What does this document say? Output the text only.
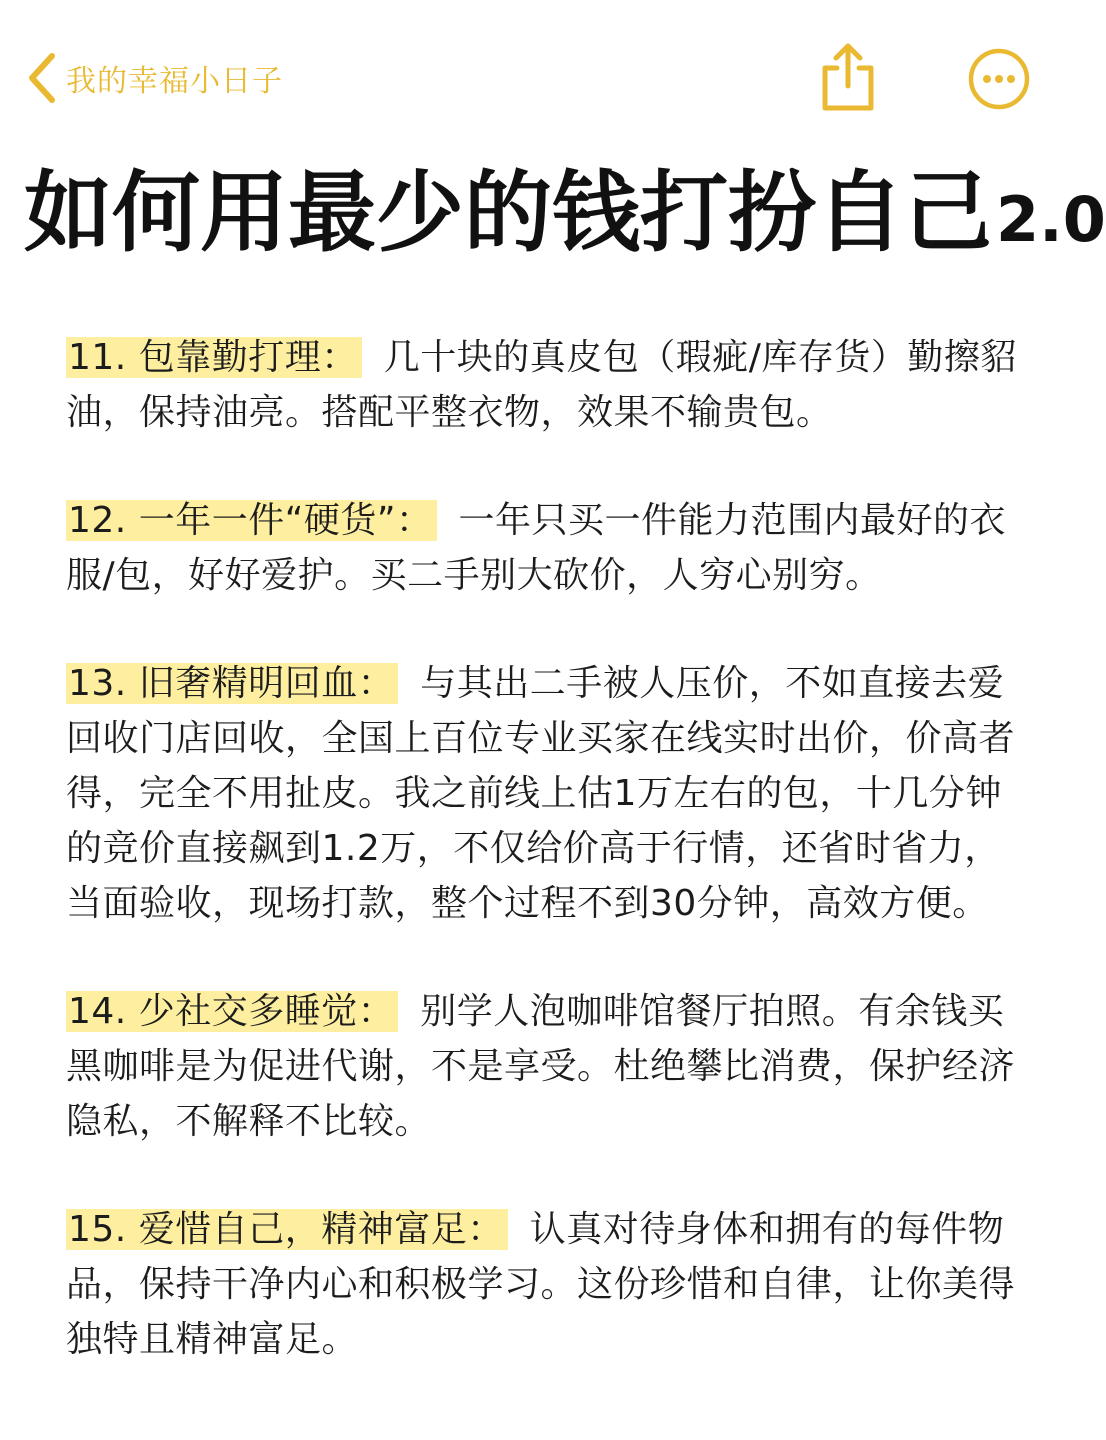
我的幸福小日子
如何用最少的钱打扮自己2.0

11. 包靠勤打理： 几十块的真皮包（瑕疵/库存货）勤擦貂油，保持油亮。搭配平整衣物，效果不输贵包。

12. 一年一件“硬货”： 一年只买一件能力范围内最好的衣服/包，好好爱护。买二手别大砍价，人穷心别穷。

13. 旧奢精明回血： 与其出二手被人压价，不如直接去爱回收门店回收，全国上百位专业买家在线实时出价，价高者得，完全不用扯皮。我之前线上估1万左右的包，十几分钟的竞价直接飙到1.2万，不仅给价高于行情，还省时省力，当面验收，现场打款，整个过程不到30分钟，高效方便。

14. 少社交多睡觉： 别学人泡咖啡馆餐厅拍照。有余钱买黑咖啡是为促进代谢，不是享受。杜绝攀比消费，保护经济隐私，不解释不比较。

15. 爱惜自己，精神富足： 认真对待身体和拥有的每件物品，保持干净内心和积极学习。这份珍惜和自律，让你美得独特且精神富足。
